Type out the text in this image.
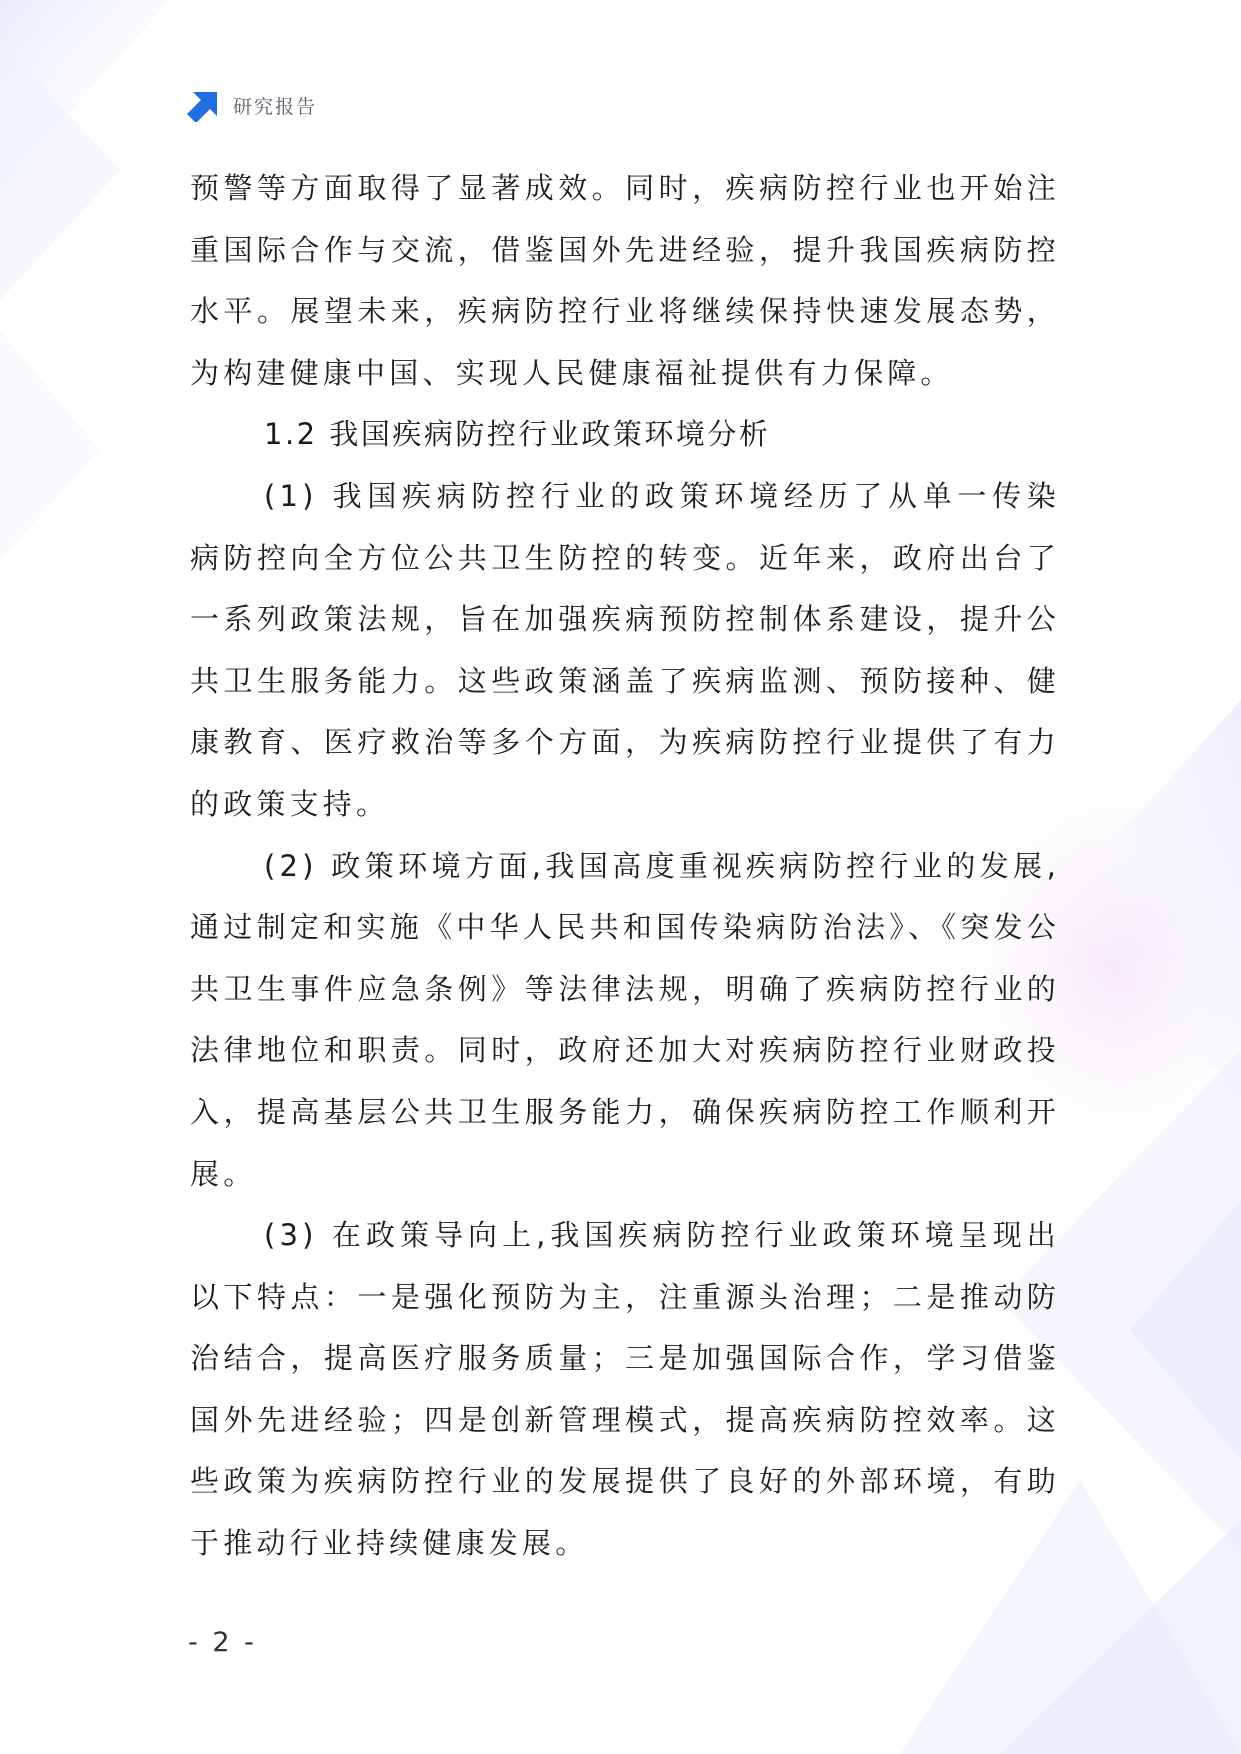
研究报告

预警等方面取得了显著成效。同时，疾病防控行业也开始注重国际合作与交流，借鉴国外先进经验，提升我国疾病防控水平。展望未来，疾病防控行业将继续保持快速发展态势，为构建健康中国、实现人民健康福祉提供有力保障。

1.2 我国疾病防控行业政策环境分析

(1) 我国疾病防控行业的政策环境经历了从单一传染病防控向全方位公共卫生防控的转变。近年来，政府出台了一系列政策法规，旨在加强疾病预防控制体系建设，提升公共卫生服务能力。这些政策涵盖了疾病监测、预防接种、健康教育、医疗救治等多个方面，为疾病防控行业提供了有力的政策支持。

(2) 政策环境方面,我国高度重视疾病防控行业的发展,通过制定和实施《中华人民共和国传染病防治法》、《突发公共卫生事件应急条例》等法律法规，明确了疾病防控行业的法律地位和职责。同时，政府还加大对疾病防控行业财政投入，提高基层公共卫生服务能力，确保疾病防控工作顺利开展。

(3) 在政策导向上,我国疾病防控行业政策环境呈现出以下特点：一是强化预防为主，注重源头治理；二是推动防治结合，提高医疗服务质量；三是加强国际合作，学习借鉴国外先进经验；四是创新管理模式，提高疾病防控效率。这些政策为疾病防控行业的发展提供了良好的外部环境，有助于推动行业持续健康发展。

- 2 -
